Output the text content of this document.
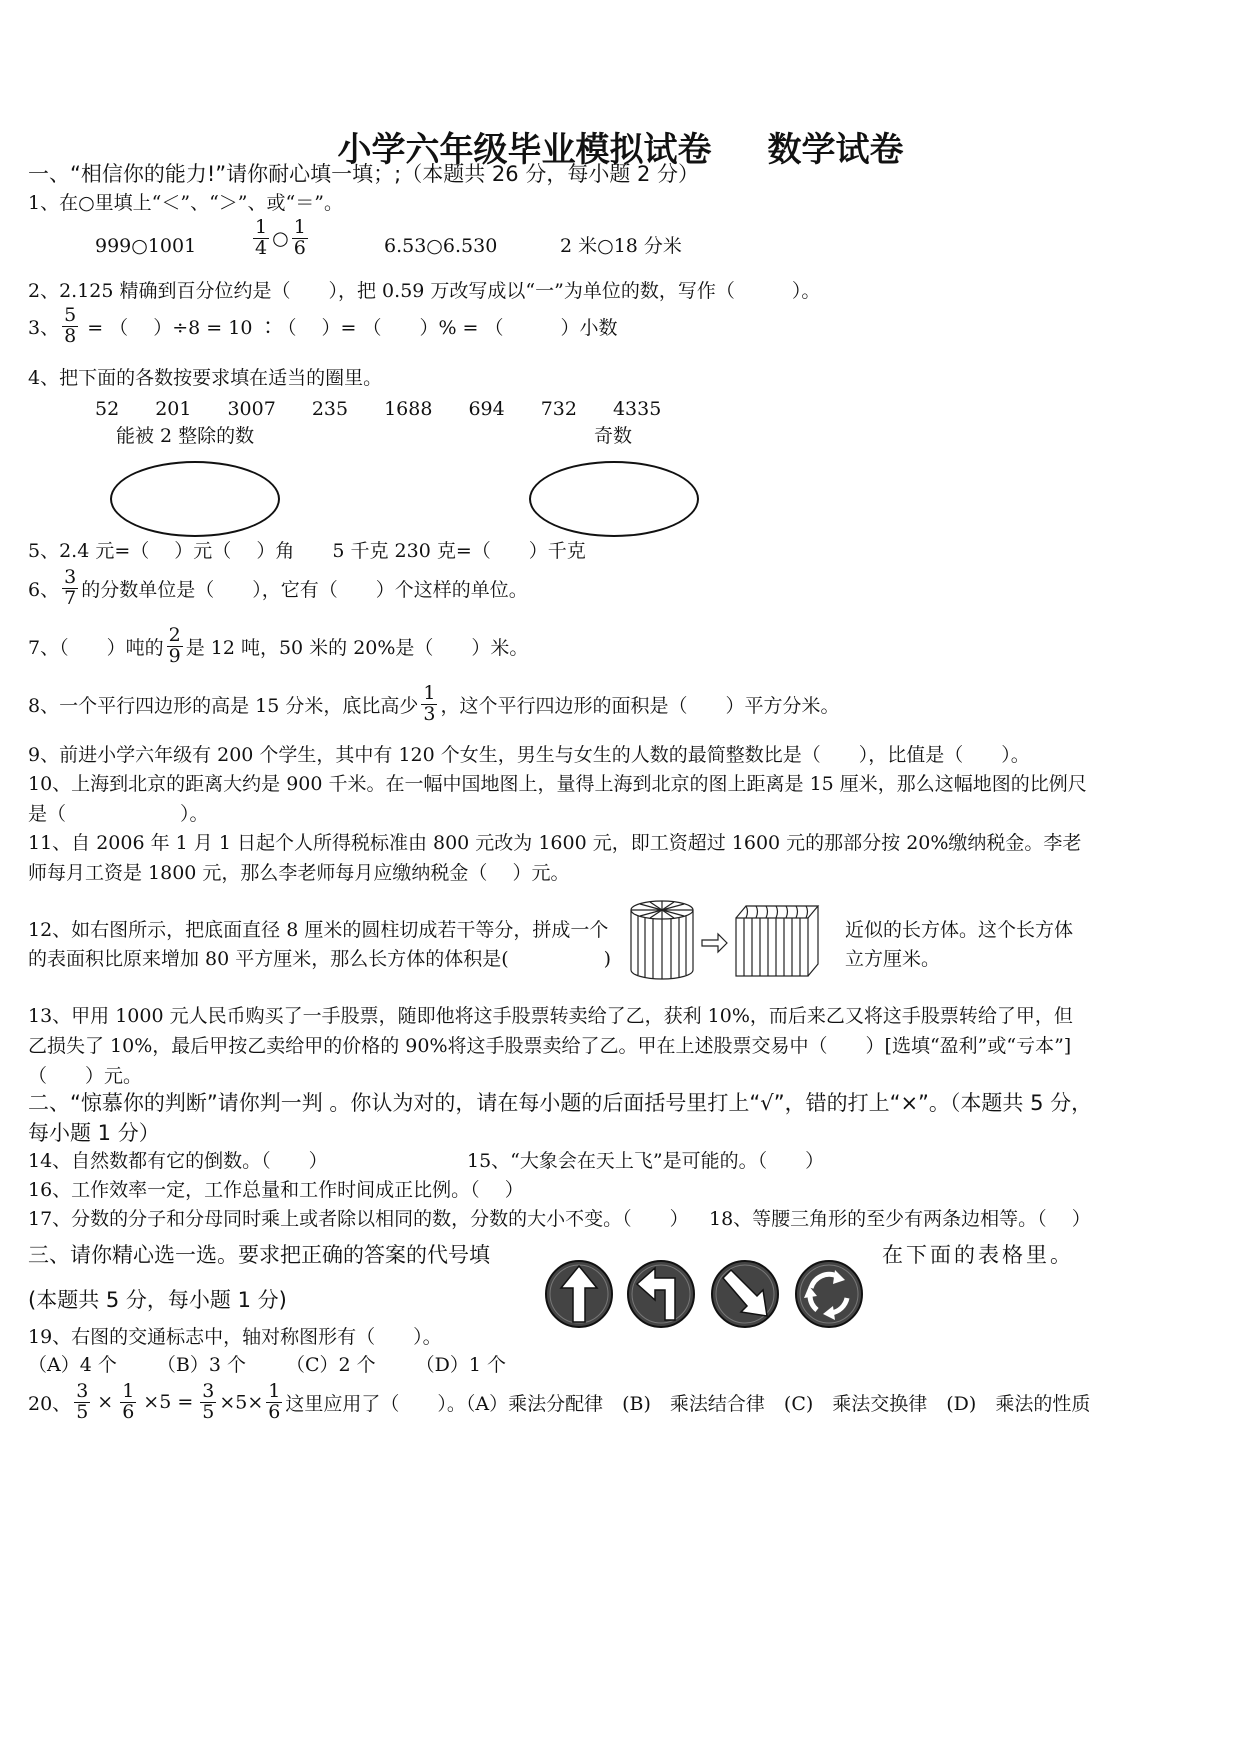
小学六年级毕业模拟试卷 数学试卷
一、“相信你的能力!”请你耐心填一填；;（本题共 26 分，每小题 2 分）
1、在○里填上“＜”、“＞”、或“＝”。
999○1001	$\frac{1}{4}$ ○ $\frac{1}{6}$	6.53○6.530	2 米○18 分米
2、2.125 精确到百分位约是（　　），把 0.59 万改写成以“一”为单位的数，写作（　　　）。
3、 $\frac{5}{8}$ = （　 ）÷8 = 10 ∶（　 ）= （　　）% = （　　　）小数
4、把下面的各数按要求填在适当的圈里。
52 201 3007 235 1688 694 732 4335
能被 2 整除的数	奇数
5、2.4 元=（　 ）元（　 ）角　　5 千克 230 克=（　　）千克
6、 $\frac{3}{7}$ 的分数单位是（　　），它有（　　）个这样的单位。
7、（　　）吨的 $\frac{2}{9}$ 是 12 吨，50 米的 20%是（　　）米。
8、一个平行四边形的高是 15 分米，底比高少 $\frac{1}{3}$ ，这个平行四边形的面积是（　　）平方分米。
9、前进小学六年级有 200 个学生，其中有 120 个女生，男生与女生的人数的最简整数比是（　　），比值是（　　）。
10、上海到北京的距离大约是 900 千米。在一幅中国地图上，量得上海到北京的图上距离是 15 厘米，那么这幅地图的比例尺是（　　　　　　）。
11、自 2006 年 1 月 1 日起个人所得税标准由 800 元改为 1600 元，即工资超过 1600 元的那部分按 20%缴纳税金。李老师每月工资是 1800 元，那么李老师每月应缴纳税金（　 ）元。
12、如右图所示，把底面直径 8 厘米的圆柱切成若干等分，拼成一个
的表面积比原来增加 80 平方厘米，那么长方体的体积是(　　　　　)
近似的长方体。这个长方体
立方厘米。
13、甲用 1000 元人民币购买了一手股票，随即他将这手股票转卖给了乙，获利 10%，而后来乙又将这手股票转给了甲，但乙损失了 10%，最后甲按乙卖给甲的价格的 90%将这手股票卖给了乙。甲在上述股票交易中（　　）[选填“盈利”或“亏本”]（　　）元。
二、“惊慕你的判断”请你判一判 。你认为对的，请在每小题的后面括号里打上“√”，错的打上“×”。（本题共 5 分，每小题 1 分）
14、自然数都有它的倒数。（　　）	15、“大象会在天上飞”是可能的。（　　）
16、工作效率一定，工作总量和工作时间成正比例。（　 ）
17、分数的分子和分母同时乘上或者除以相同的数，分数的大小不变。（　　） 18、等腰三角形的至少有两条边相等。（　 ）
三、请你精心选一选。要求把正确的答案的代号填	在下面的表格里。
(本题共 5 分，每小题 1 分)
19、右图的交通标志中，轴对称图形有（　　）。
（A）4 个 （B）3 个 （C）2 个 （D）1 个
20、 $\frac{3}{5} \times \frac{1}{6} \times 5 = \frac{3}{5} \times 5\times \frac{1}{6}$ 这里应用了（　　）。（A）乘法分配律　(B)　乘法结合律　(C)　乘法交换律　(D)　乘法的性质
